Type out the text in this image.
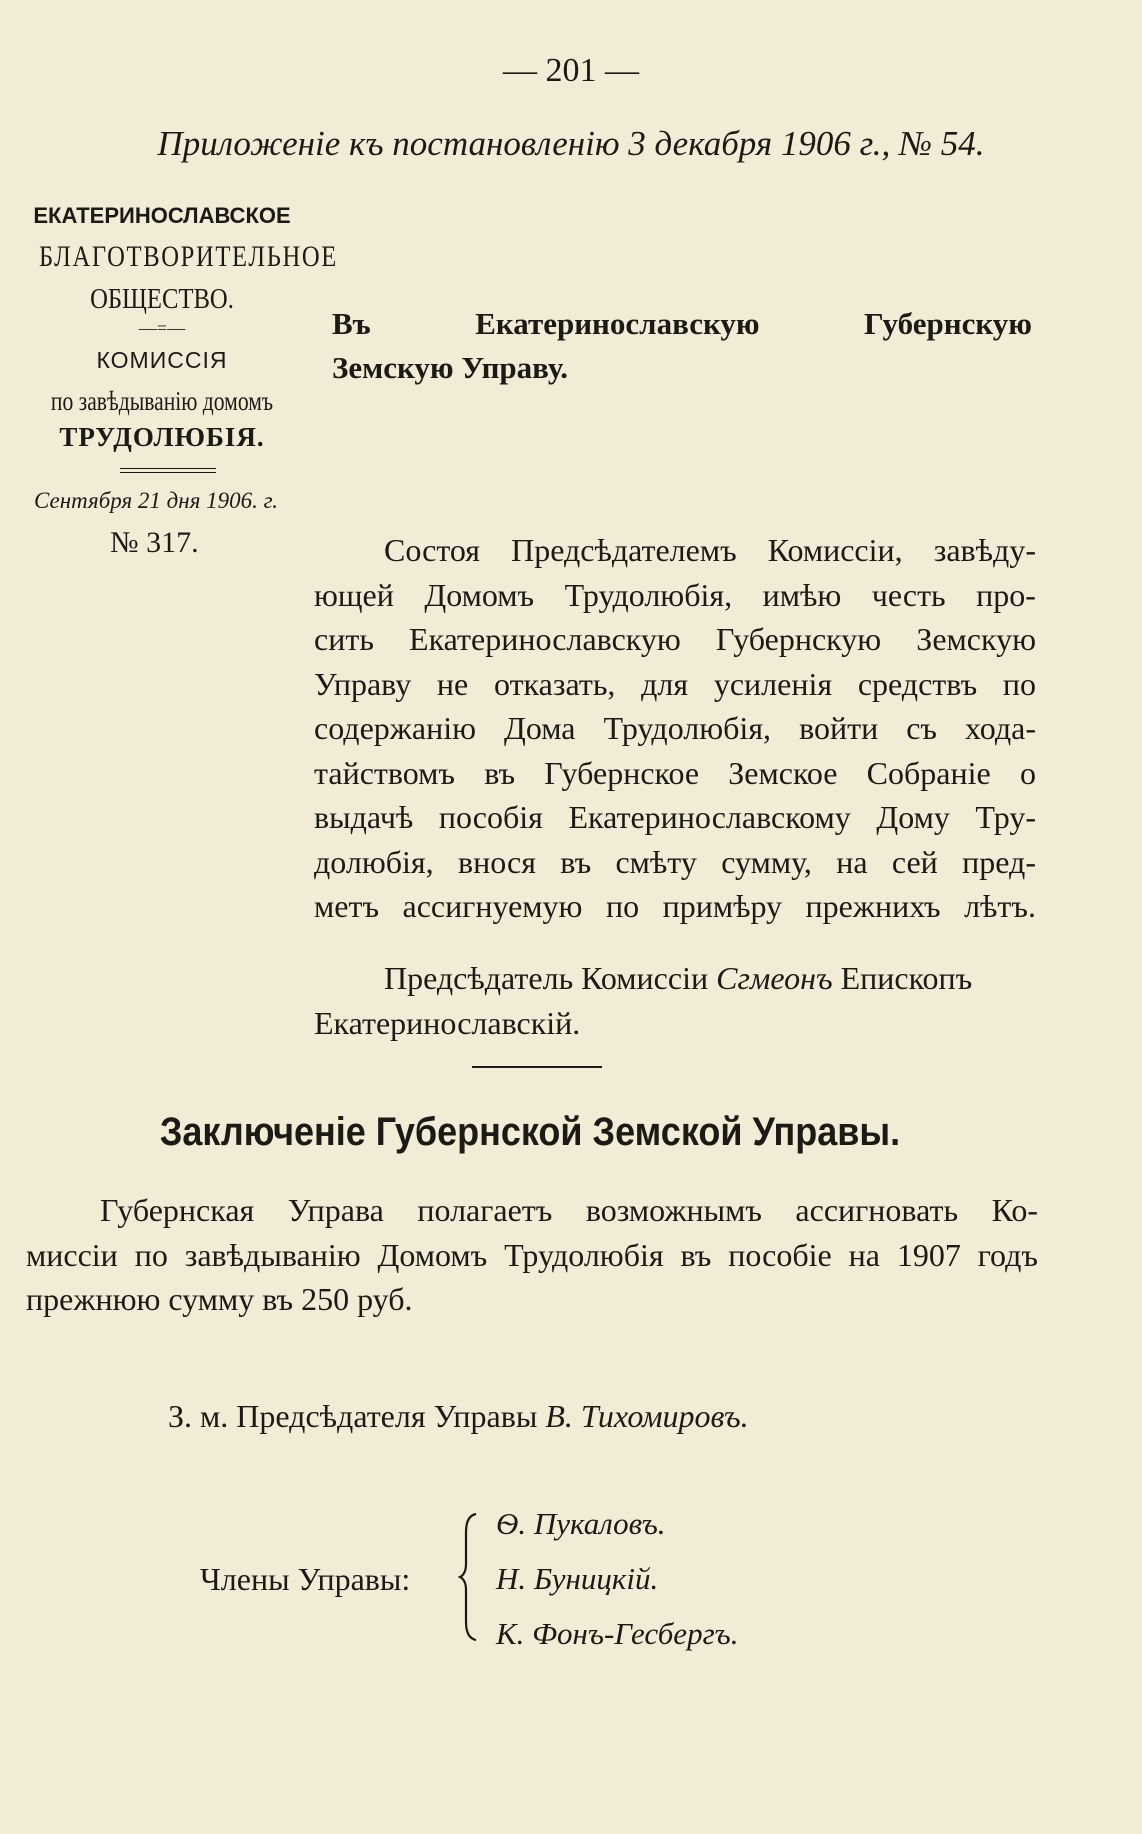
— 201 —
Приложеніе къ постановленію 3 декабря 1906 г., № 54.
ЕКАТЕРИНОСЛАВСКОЕ
БЛАГОТВОРИТЕЛЬНОЕ
ОБЩЕСТВО.
—=—
КОМИССІЯ
по завѣдыванію домомъ
ТРУДОЛЮБІЯ.
Сентября 21 дня 1906. г.
№ 317.
Въ	Екатеринославскую	Губернскую
Земскую Управу.
Состоя Предсѣдателемъ Комиссіи, завѣду-
ющей Домомъ Трудолюбія, имѣю честь про-
сить Екатеринославскую Губернскую Земскую
Управу не отказать, для усиленія средствъ по
содержанію Дома Трудолюбія, войти съ хода-
тайствомъ въ Губернское Земское Собраніе о
выдачѣ пособія Екатеринославскому Дому Тру-
долюбія, внося въ смѣту сумму, на сей пред-
метъ ассигнуемую по примѣру прежнихъ лѣтъ.
Предсѣдатель Комиссіи Сгмеонъ Епископъ
Екатеринославскій.
Заключеніе Губернской Земской Управы.
Губернская Управа полагаетъ возможнымъ ассигновать Ко-
миссіи по завѣдыванію Домомъ Трудолюбія въ пособіе на 1907 годъ
прежнюю сумму въ 250 руб.
З. м. Предсѣдателя Управы В. Тихомировъ.
Члены Управы:
Ѳ. Пукаловъ.
Н. Буницкій.
К. Фонъ-Гесбергъ.
